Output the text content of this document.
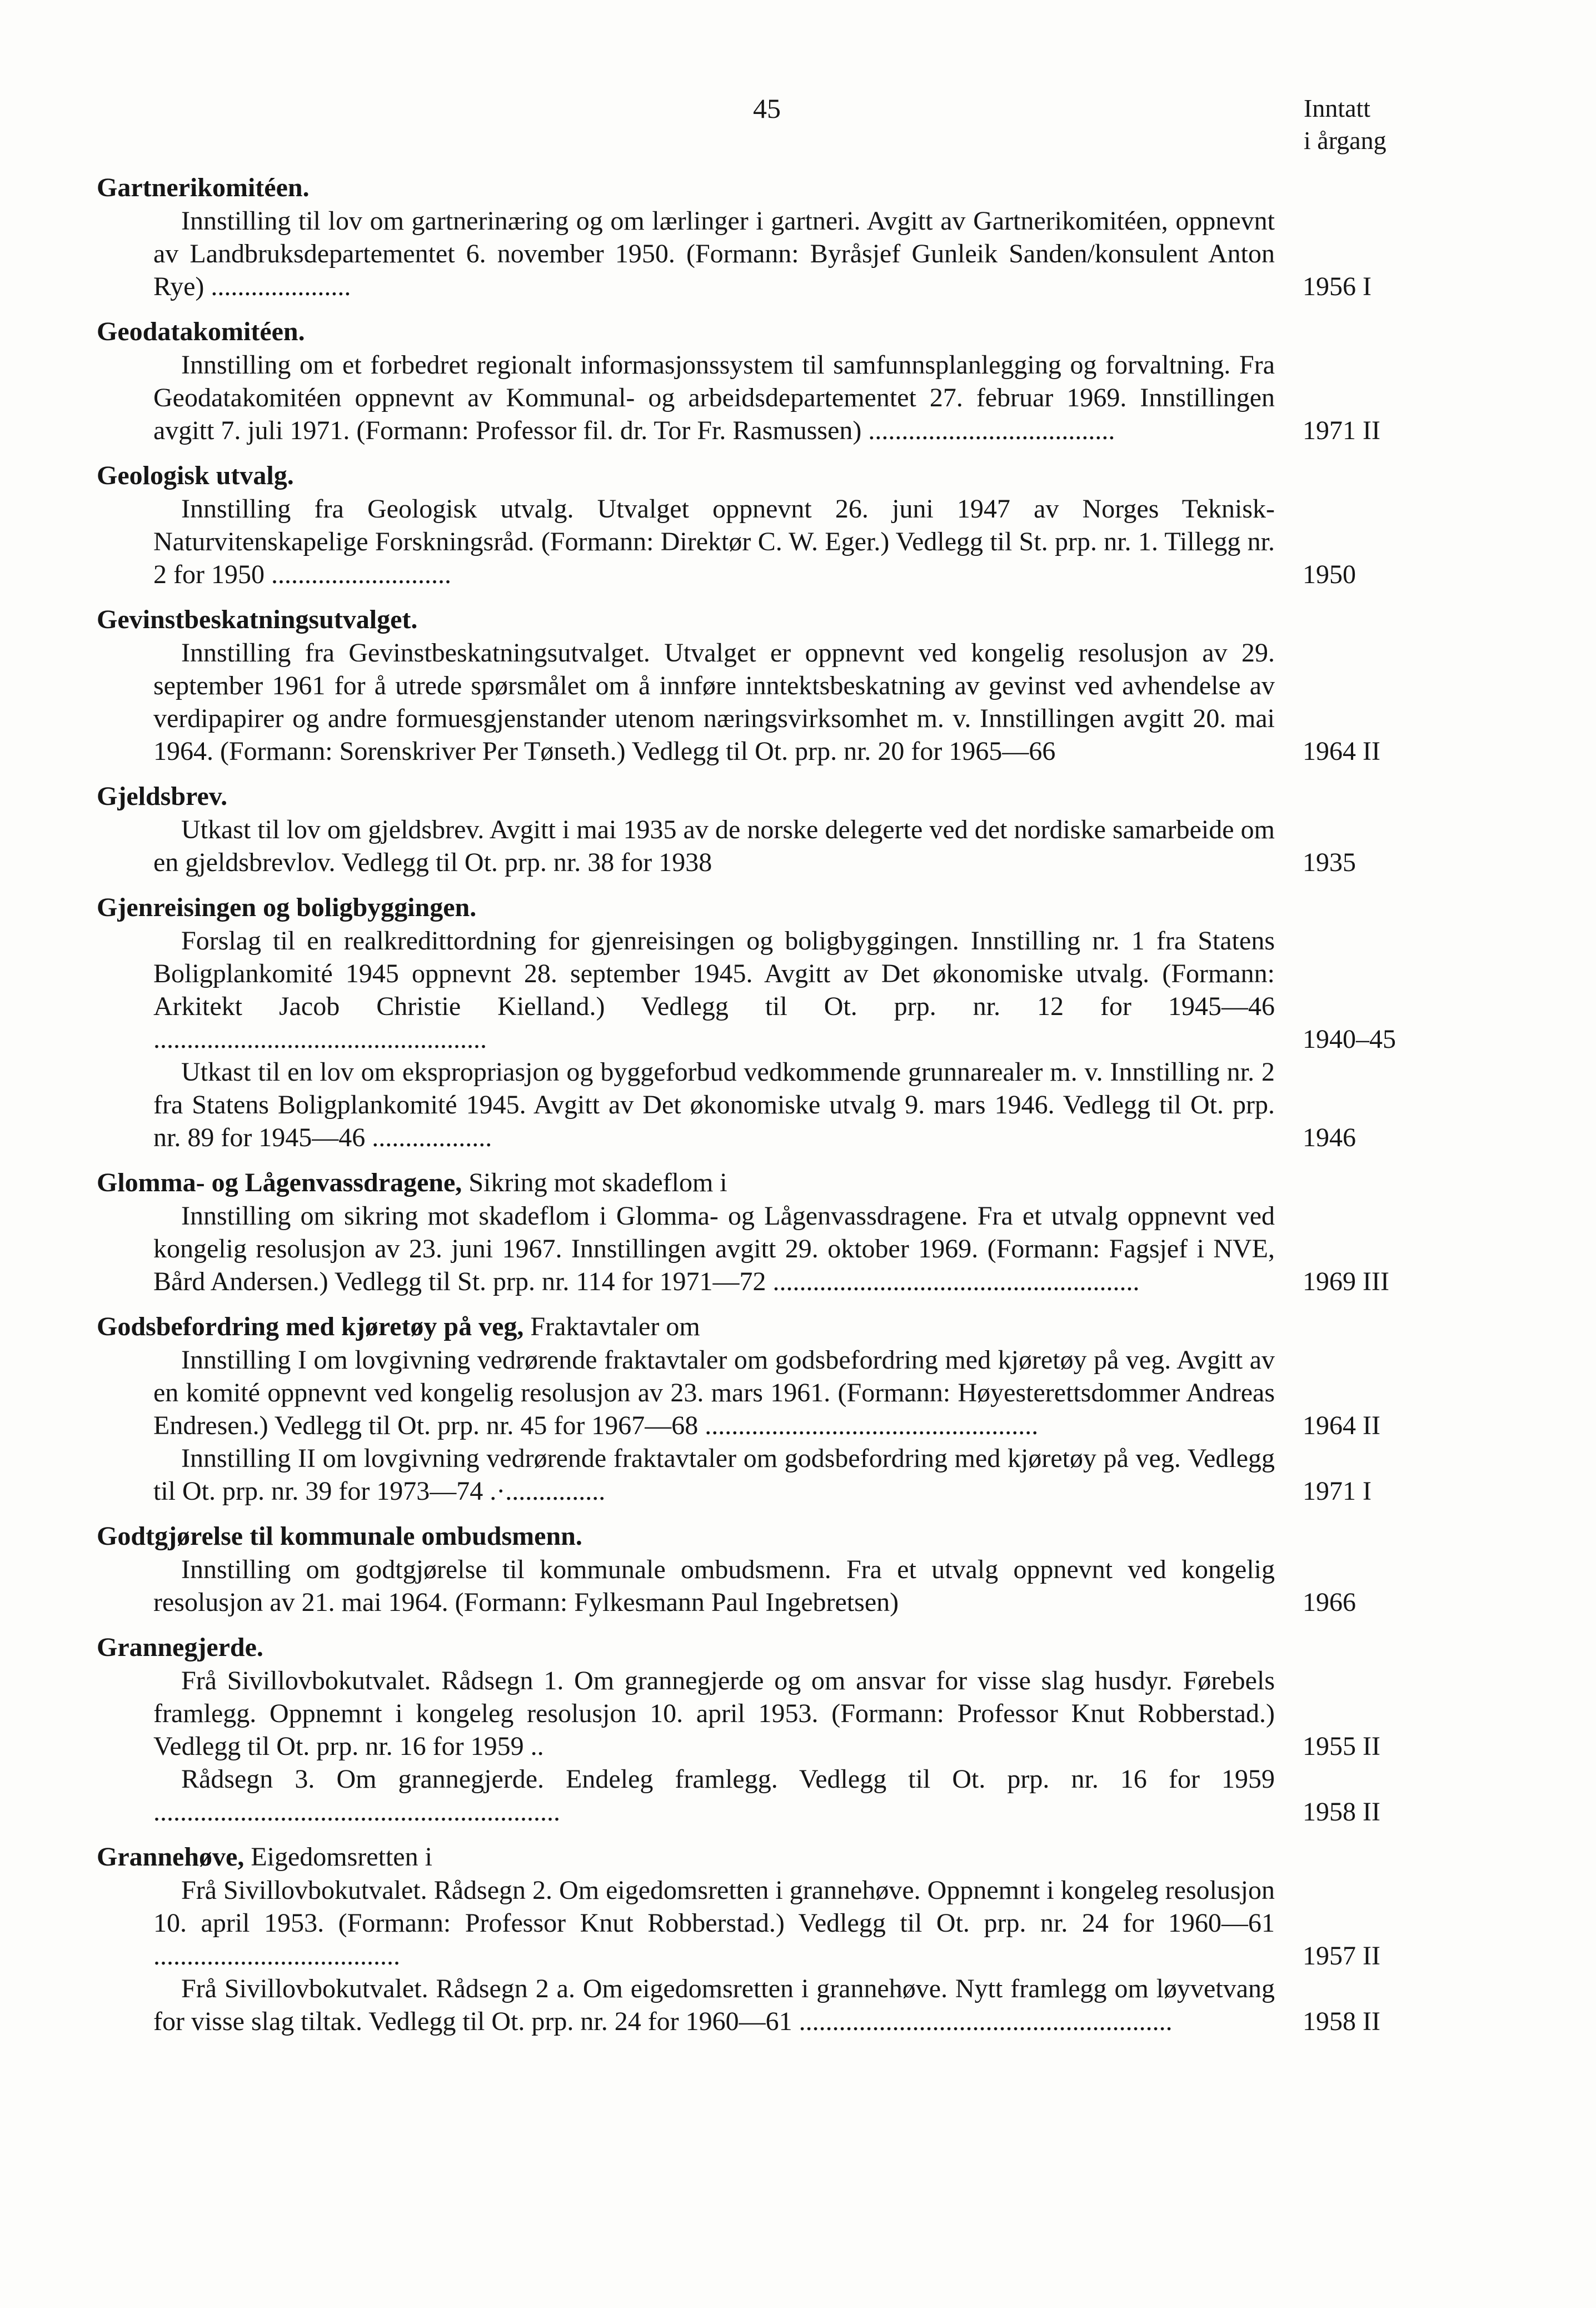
45	Inntatt
i årgang
Gartnerikomitéen.
Innstilling til lov om gartnerinæring og om lærlinger i gartneri. Avgitt av Gartnerikomitéen, oppnevnt av Landbruksdepartementet 6. november 1950. (Formann: Byråsjef Gunleik Sanden/konsulent Anton Rye) .....................	1956 I
Geodatakomitéen.
Innstilling om et forbedret regionalt informasjonssystem til samfunnsplanlegging og forvaltning. Fra Geodatakomitéen oppnevnt av Kommunal- og arbeidsdepartementet 27. februar 1969. Innstillingen avgitt 7. juli 1971. (Formann: Professor fil. dr. Tor Fr. Rasmussen) .....................................	1971 II
Geologisk utvalg.
Innstilling fra Geologisk utvalg. Utvalget oppnevnt 26. juni 1947 av Norges Teknisk-Naturvitenskapelige Forskningsråd. (Formann: Direktør C. W. Eger.) Vedlegg til St. prp. nr. 1. Tillegg nr. 2 for 1950 ...........................	1950
Gevinstbeskatningsutvalget.
Innstilling fra Gevinstbeskatningsutvalget. Utvalget er oppnevnt ved kongelig resolusjon av 29. september 1961 for å utrede spørsmålet om å innføre inntektsbeskatning av gevinst ved avhendelse av verdipapirer og andre formuesgjenstander utenom næringsvirksomhet m. v. Innstillingen avgitt 20. mai 1964. (Formann: Sorenskriver Per Tønseth.) Vedlegg til Ot. prp. nr. 20 for 1965—66	1964 II
Gjeldsbrev.
Utkast til lov om gjeldsbrev. Avgitt i mai 1935 av de norske delegerte ved det nordiske samarbeide om en gjeldsbrevlov. Vedlegg til Ot. prp. nr. 38 for 1938	1935
Gjenreisingen og boligbyggingen.
Forslag til en realkredittordning for gjenreisingen og boligbyggingen. Innstilling nr. 1 fra Statens Boligplankomité 1945 oppnevnt 28. september 1945. Avgitt av Det økonomiske utvalg. (Formann: Arkitekt Jacob Christie Kielland.) Vedlegg til Ot. prp. nr. 12 for 1945—46 ..................................................	1940–45
Utkast til en lov om ekspropriasjon og byggeforbud vedkommende grunnarealer m. v. Innstilling nr. 2 fra Statens Boligplankomité 1945. Avgitt av Det økonomiske utvalg 9. mars 1946. Vedlegg til Ot. prp. nr. 89 for 1945—46 ..................	1946
Glomma- og Lågenvassdragene, Sikring mot skadeflom i
Innstilling om sikring mot skadeflom i Glomma- og Lågenvassdragene. Fra et utvalg oppnevnt ved kongelig resolusjon av 23. juni 1967. Innstillingen avgitt 29. oktober 1969. (Formann: Fagsjef i NVE, Bård Andersen.) Vedlegg til St. prp. nr. 114 for 1971—72 .......................................................	1969 III
Godsbefordring med kjøretøy på veg, Fraktavtaler om
Innstilling I om lovgivning vedrørende fraktavtaler om godsbefordring med kjøretøy på veg. Avgitt av en komité oppnevnt ved kongelig resolusjon av 23. mars 1961. (Formann: Høyesterettsdommer Andreas Endresen.) Vedlegg til Ot. prp. nr. 45 for 1967—68 ..................................................	1964 II
Innstilling II om lovgivning vedrørende fraktavtaler om godsbefordring med kjøretøy på veg. Vedlegg til Ot. prp. nr. 39 for 1973—74 .·...............	1971 I
Godtgjørelse til kommunale ombudsmenn.
Innstilling om godtgjørelse til kommunale ombudsmenn. Fra et utvalg oppnevnt ved kongelig resolusjon av 21. mai 1964. (Formann: Fylkesmann Paul Ingebretsen)	1966
Grannegjerde.
Frå Sivillovbokutvalet. Rådsegn 1. Om grannegjerde og om ansvar for visse slag husdyr. Førebels framlegg. Oppnemnt i kongeleg resolusjon 10. april 1953. (Formann: Professor Knut Robberstad.) Vedlegg til Ot. prp. nr. 16 for 1959 ..	1955 II
Rådsegn 3. Om grannegjerde. Endeleg framlegg. Vedlegg til Ot. prp. nr. 16 for 1959 .............................................................	1958 II
Grannehøve, Eigedomsretten i
Frå Sivillovbokutvalet. Rådsegn 2. Om eigedomsretten i grannehøve. Oppnemnt i kongeleg resolusjon 10. april 1953. (Formann: Professor Knut Robberstad.) Vedlegg til Ot. prp. nr. 24 for 1960—61 .....................................	1957 II
Frå Sivillovbokutvalet. Rådsegn 2 a. Om eigedomsretten i grannehøve. Nytt framlegg om løyvetvang for visse slag tiltak. Vedlegg til Ot. prp. nr. 24 for 1960—61 ........................................................	1958 II
